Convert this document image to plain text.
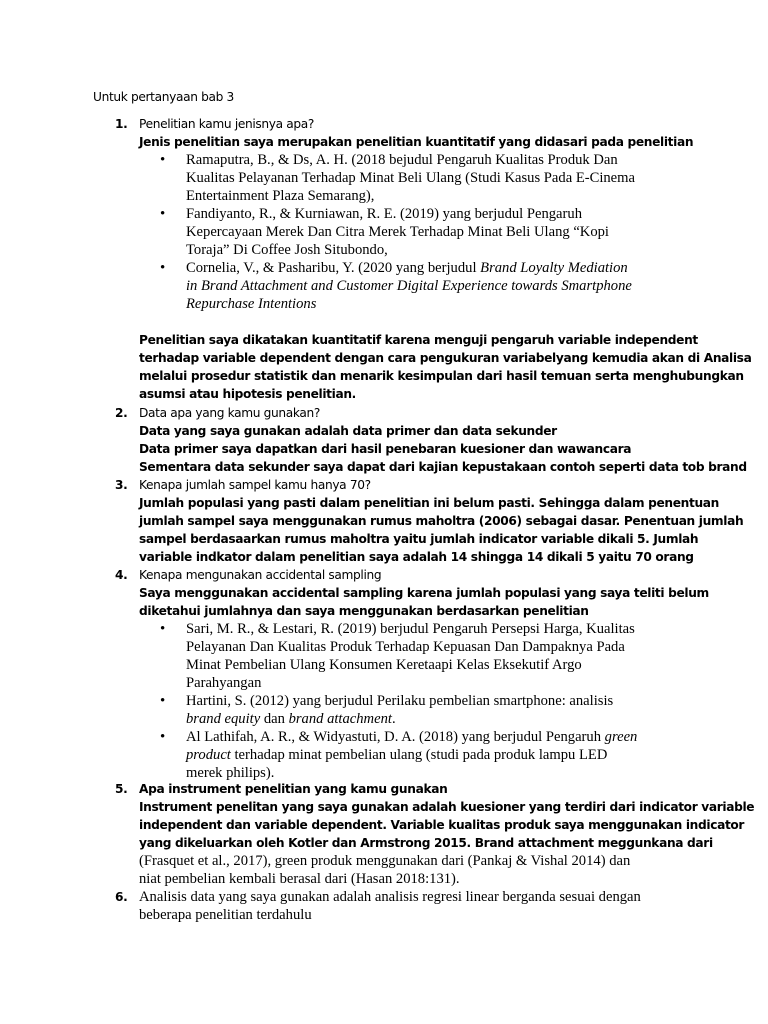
Untuk pertanyaan bab 3
1. Penelitian kamu jenisnya apa?
Jenis penelitian saya merupakan penelitian kuantitatif yang didasari pada penelitian
• Ramaputra, B., & Ds, A. H. (2018 bejudul Pengaruh Kualitas Produk Dan
Kualitas Pelayanan Terhadap Minat Beli Ulang (Studi Kasus Pada E-Cinema
Entertainment Plaza Semarang),
• Fandiyanto, R., & Kurniawan, R. E. (2019) yang berjudul Pengaruh
Kepercayaan Merek Dan Citra Merek Terhadap Minat Beli Ulang “Kopi
Toraja” Di Coffee Josh Situbondo,
• Cornelia, V., & Pasharibu, Y. (2020 yang berjudul Brand Loyalty Mediation
in Brand Attachment and Customer Digital Experience towards Smartphone
Repurchase Intentions
Penelitian saya dikatakan kuantitatif karena menguji pengaruh variable independent
terhadap variable dependent dengan cara pengukuran variabelyang kemudia akan di Analisa
melalui prosedur statistik dan menarik kesimpulan dari hasil temuan serta menghubungkan
asumsi atau hipotesis penelitian.
2. Data apa yang kamu gunakan?
Data yang saya gunakan adalah data primer dan data sekunder
Data primer saya dapatkan dari hasil penebaran kuesioner dan wawancara
Sementara data sekunder saya dapat dari kajian kepustakaan contoh seperti data tob brand
3. Kenapa jumlah sampel kamu hanya 70?
Jumlah populasi yang pasti dalam penelitian ini belum pasti. Sehingga dalam penentuan
jumlah sampel saya menggunakan rumus maholtra (2006) sebagai dasar. Penentuan jumlah
sampel berdasaarkan rumus maholtra yaitu jumlah indicator variable dikali 5. Jumlah
variable indkator dalam penelitian saya adalah 14 shingga 14 dikali 5 yaitu 70 orang
4. Kenapa mengunakan accidental sampling
Saya menggunakan accidental sampling karena jumlah populasi yang saya teliti belum
diketahui jumlahnya dan saya menggunakan berdasarkan penelitian
• Sari, M. R., & Lestari, R. (2019) berjudul Pengaruh Persepsi Harga, Kualitas
Pelayanan Dan Kualitas Produk Terhadap Kepuasan Dan Dampaknya Pada
Minat Pembelian Ulang Konsumen Keretaapi Kelas Eksekutif Argo
Parahyangan
• Hartini, S. (2012) yang berjudul Perilaku pembelian smartphone: analisis
brand equity dan brand attachment.
• Al Lathifah, A. R., & Widyastuti, D. A. (2018) yang berjudul Pengaruh green
product terhadap minat pembelian ulang (studi pada produk lampu LED
merek philips).
5. Apa instrument penelitian yang kamu gunakan
Instrument penelitan yang saya gunakan adalah kuesioner yang terdiri dari indicator variable
independent dan variable dependent. Variable kualitas produk saya menggunakan indicator
yang dikeluarkan oleh Kotler dan Armstrong 2015. Brand attachment meggunkana dari
(Frasquet et al., 2017), green produk menggunakan dari (Pankaj & Vishal 2014) dan
niat pembelian kembali berasal dari (Hasan 2018:131).
6. Analisis data yang saya gunakan adalah analisis regresi linear berganda sesuai dengan
beberapa penelitian terdahulu
